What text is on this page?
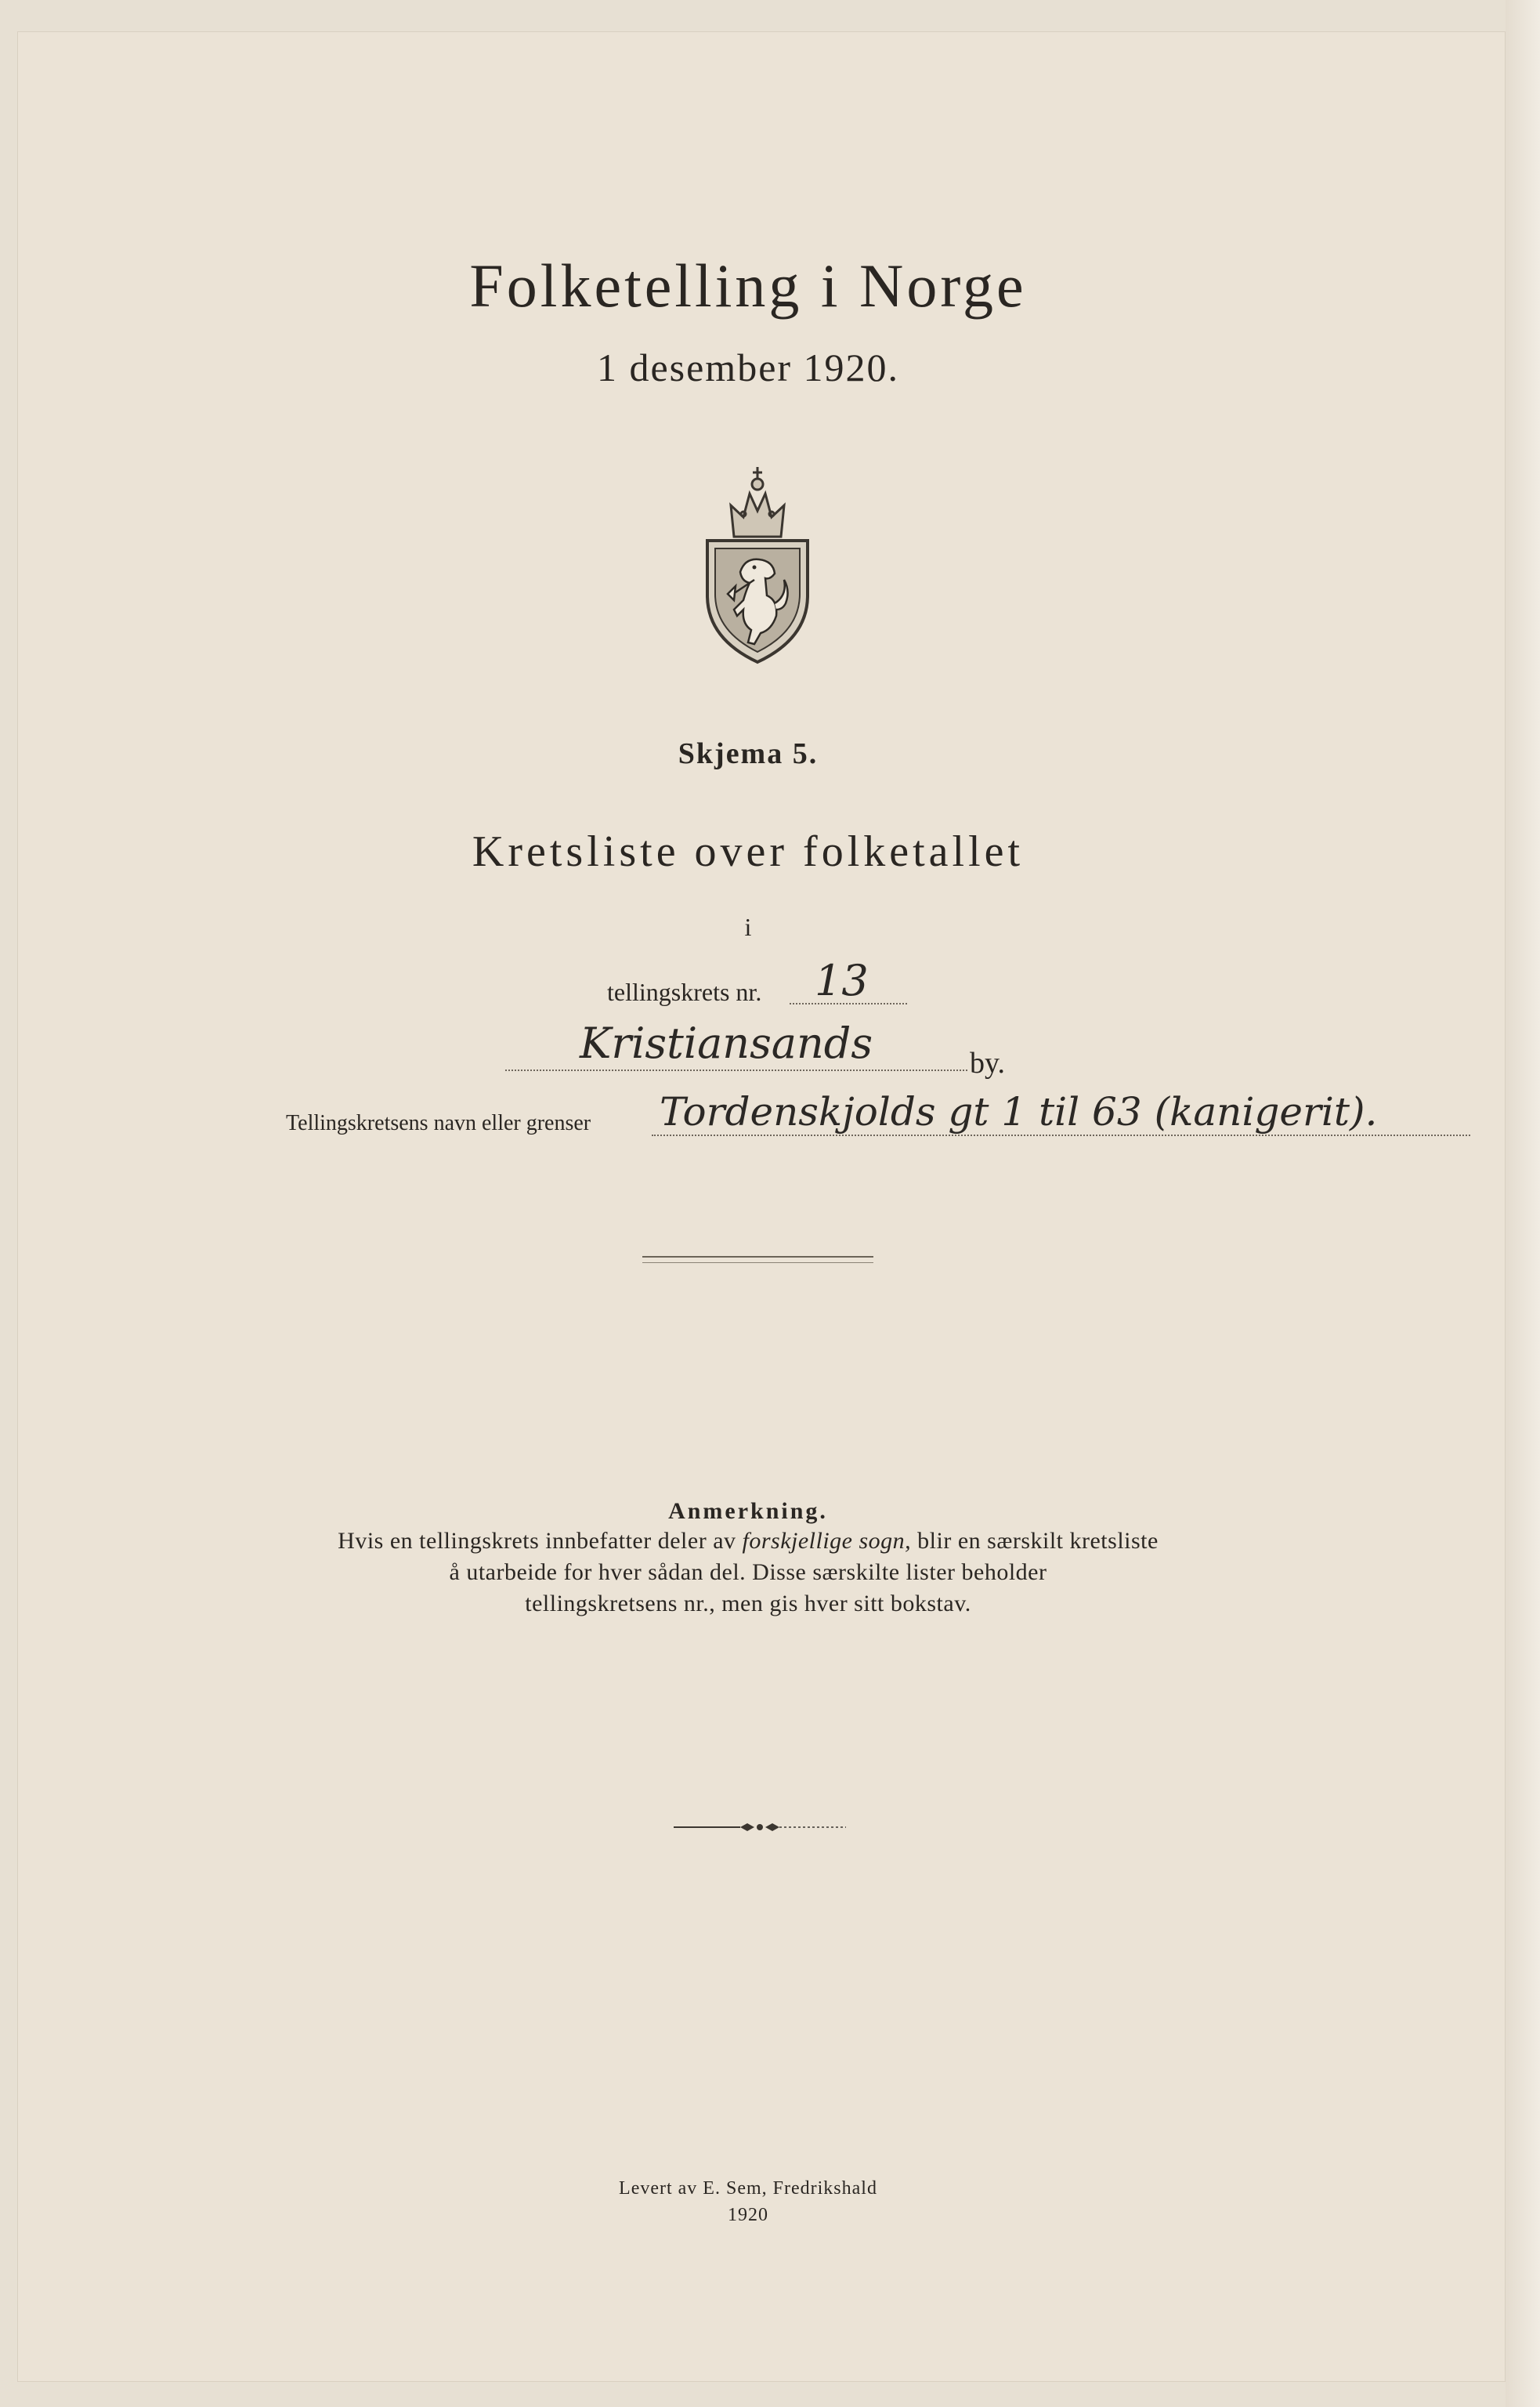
Folketelling i Norge
1 desember 1920.
Skjema 5.
Kretsliste over folketallet
i
tellingskrets nr. 13
Kristiansands	by.
Tellingskretsens navn eller grenser Tordenskjolds gt 1 til 63 (kanigerit).
Anmerkning.
Hvis en tellingskrets innbefatter deler av forskjellige sogn, blir en særskilt kretsliste
å utarbeide for hver sådan del. Disse særskilte lister beholder
tellingskretsens nr., men gis hver sitt bokstav.
Levert av E. Sem, Fredrikshald
1920
